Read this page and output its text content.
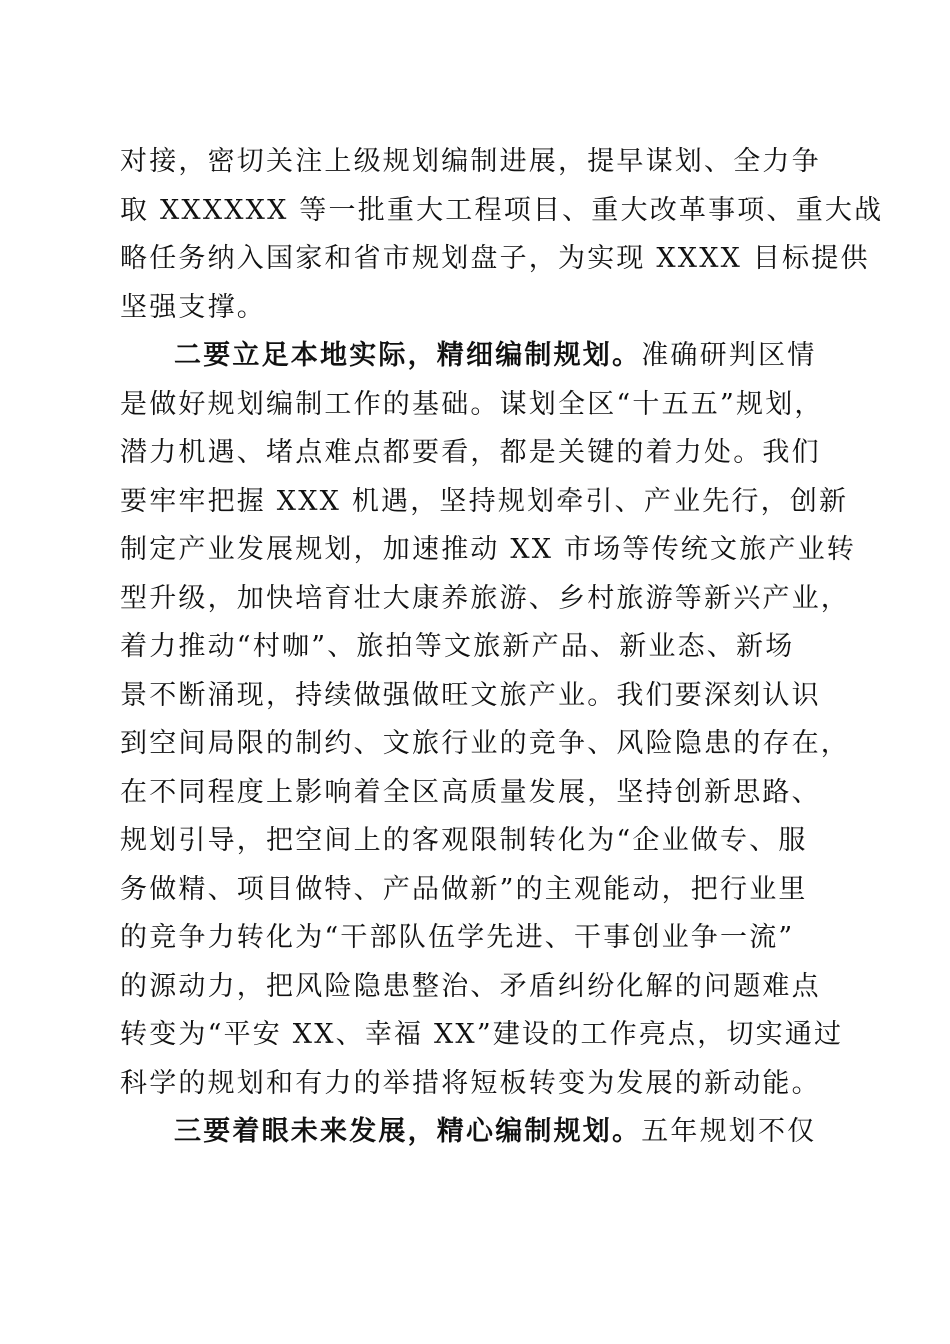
对接，密切关注上级规划编制进展，提早谋划、全力争
取 XXXXXX 等一批重大工程项目、重大改革事项、重大战
略任务纳入国家和省市规划盘子，为实现 XXXX 目标提供
坚强支撑。
二要立足本地实际，精细编制规划。准确研判区情
是做好规划编制工作的基础。谋划全区“十五五”规划，
潜力机遇、堵点难点都要看，都是关键的着力处。我们
要牢牢把握 XXX 机遇，坚持规划牵引、产业先行，创新
制定产业发展规划，加速推动 XX 市场等传统文旅产业转
型升级，加快培育壮大康养旅游、乡村旅游等新兴产业，
着力推动“村咖”、旅拍等文旅新产品、新业态、新场
景不断涌现，持续做强做旺文旅产业。我们要深刻认识
到空间局限的制约、文旅行业的竞争、风险隐患的存在，
在不同程度上影响着全区高质量发展，坚持创新思路、
规划引导，把空间上的客观限制转化为“企业做专、服
务做精、项目做特、产品做新”的主观能动，把行业里
的竞争力转化为“干部队伍学先进、干事创业争一流”
的源动力，把风险隐患整治、矛盾纠纷化解的问题难点
转变为“平安 XX、幸福 XX”建设的工作亮点，切实通过
科学的规划和有力的举措将短板转变为发展的新动能。
三要着眼未来发展，精心编制规划。五年规划不仅
